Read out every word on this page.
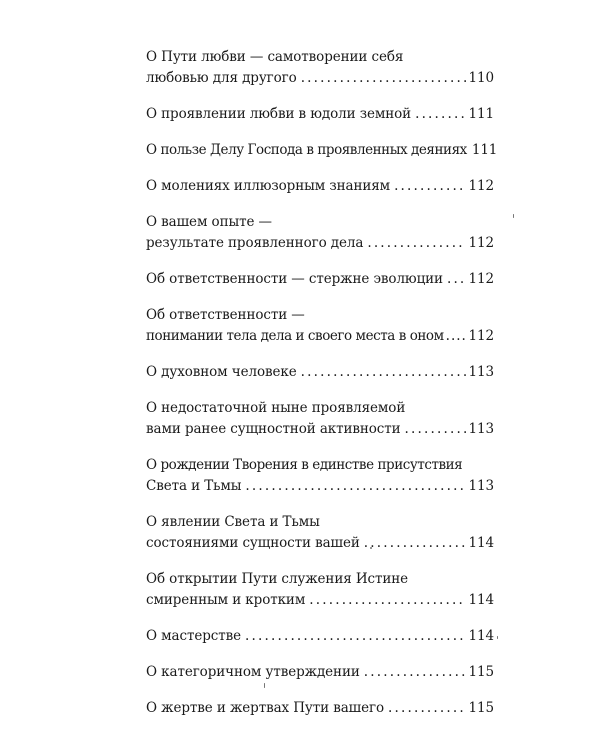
О Пути любви — самотворении себя
любовью для другого .....	110
О проявлении любви в юдоли земной .....	111
О пользе Делу Господа в проявленных деяниях 111
О молениях иллюзорным знаниям .....	112
О вашем опыте —
результате проявленного дела .....	112
Об ответственности — стержне эволюции ..... 112
Об ответственности —
понимании тела дела и своего места в оном ..... 112
О духовном человеке .....	113
О недостаточной ныне проявляемой
вами ранее сущностной активности .....	113
О рождении Творения в единстве присутствия
Света и Тьмы .....	113
О явлении Света и Тьмы
состояниями сущности вашей .....	114
Об открытии Пути служения Истине
смиренным и кротким .....	114
О мастерстве .....	114
О категоричном утверждении .....	115
О жертве и жертвах Пути вашего .....	115
